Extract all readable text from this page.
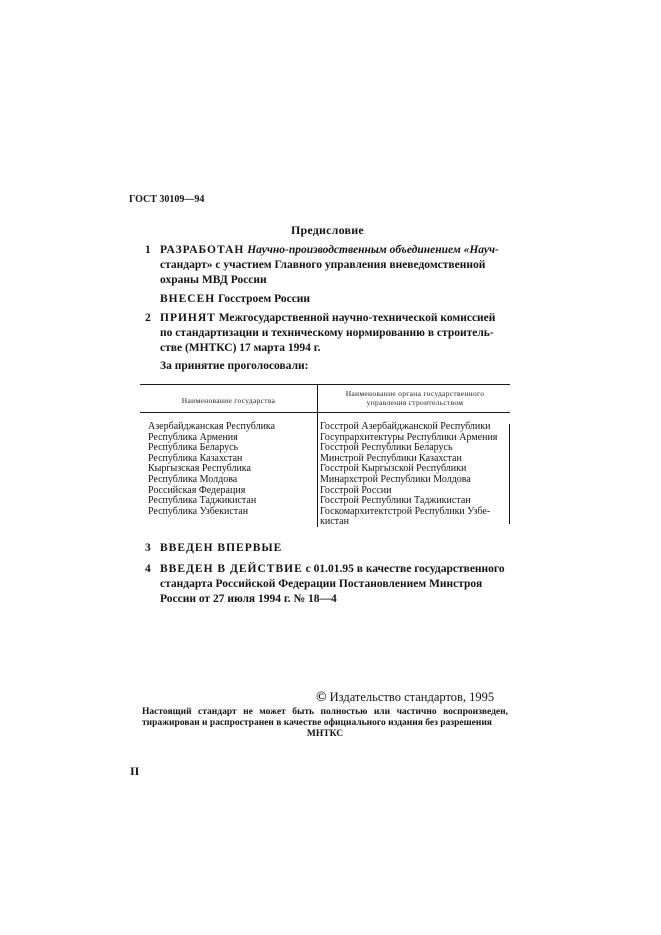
ГОСТ 30109—94
Предисловие
1 РАЗРАБОТАН Научно-производственным объединением «Науч-
стандарт» с участием Главного управления вневедомственной
охраны МВД России
ВНЕСЕН Госстроем России
2 ПРИНЯТ Межгосударственной научно-технической комиссией
по стандартизации и техническому нормированию в строитель-
стве (МНТКС) 17 марта 1994 г.
За принятие проголосовали:
Наименование государства
Наименование органа государственного
управления строительством
Азербайджанская Республика
Республика Армения
Республика Беларусь
Республика Казахстан
Кыргызская Республика
Республика Молдова
Российская Федерация
Республика Таджикистан
Республика Узбекистан
Госстрой Азербайджанской Республики
Госупрархитектуры Республики Армения
Госстрой Республики Беларусь
Минстрой Республики Казахстан
Госстрой Кыргызской Республики
Минархстрой Республики Молдова
Госстрой России
Госстрой Республики Таджикистан
Госкомархитектстрой Республики Узбе-
кистан
3 ВВЕДЕН ВПЕРВЫЕ
4 ВВЕДЕН В ДЕЙСТВИЕ с 01.01.95 в качестве государственного
стандарта Российской Федерации Постановлением Минстроя
России от 27 июля 1994 г. № 18—4
© Издательство стандартов, 1995
Настоящий стандарт не может быть полностью или частично воспроизведен, тиражирован и распространен в качестве официального издания без разрешения
МНТКС
II
